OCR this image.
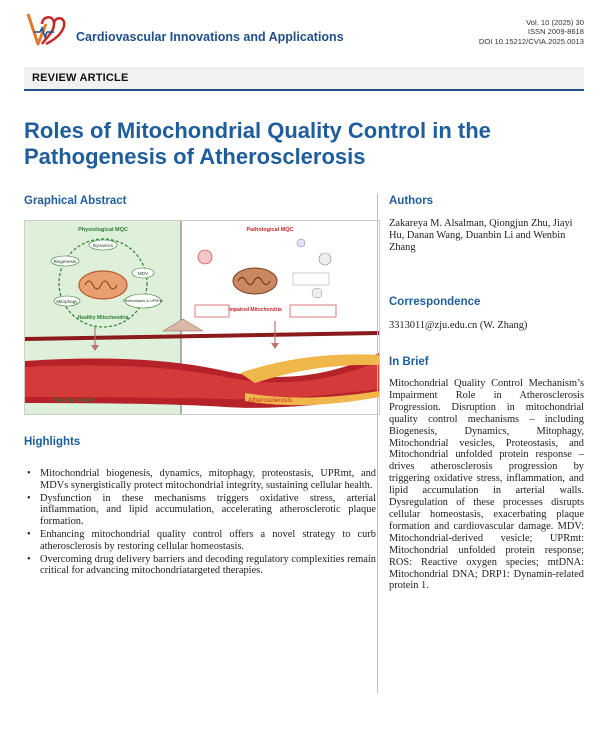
Cardiovascular Innovations and Applications
Vol. 10 (2025) 30
ISSN 2009-8618
DOI 10.15212/CVIA.2025.0013
REVIEW ARTICLE
Roles of Mitochondrial Quality Control in the Pathogenesis of Atherosclerosis
Graphical Abstract
Physiological MQC
Dynamics
Biogenesis
MDV
Mitophagy	Proteostasis & UPRmt
Healthy Mitochondria
Pathological MQC
Impaired Mitochondria
Healthy artery	Atherosclerosis
Highlights
• Mitochondrial biogenesis, dynamics, mitophagy, proteostasis, UPRmt, and MDVs synergistically protect mitochondrial integrity, sustaining cellular health.
• Dysfunction in these mechanisms triggers oxidative stress, arterial inflammation, and lipid accumulation, accelerating atherosclerotic plaque formation.
• Enhancing mitochondrial quality control offers a novel strategy to curb atherosclerosis by restoring cellular homeostasis.
• Overcoming drug delivery barriers and decoding regulatory complexities remain critical for advancing mitochondriatargeted therapies.
Authors
Zakareya M. Alsalman, Qiongjun Zhu, Jiayi Hu, Danan Wang, Duanbin Li and Wenbin Zhang
Correspondence
3313011@zju.edu.cn (W. Zhang)
In Brief
Mitochondrial Quality Control Mechanism’s Impairment Role in Atherosclerosis Progression. Disruption in mitochondrial quality control mechanisms – including Biogenesis, Dynamics, Mitophagy, Mitochondrial vesicles, Proteostasis, and Mitochondrial unfolded protein response – drives atherosclerosis progression by triggering oxidative stress, inflammation, and lipid accumulation in arterial walls. Dysregulation of these processes disrupts cellular homeostasis, exacerbating plaque formation and cardiovascular damage. MDV: Mitochondrial-derived vesicle; UPRmt: Mitochondrial unfolded protein response; ROS: Reactive oxygen species; mtDNA: Mitochondrial DNA; DRP1: Dynamin-related protein 1.
